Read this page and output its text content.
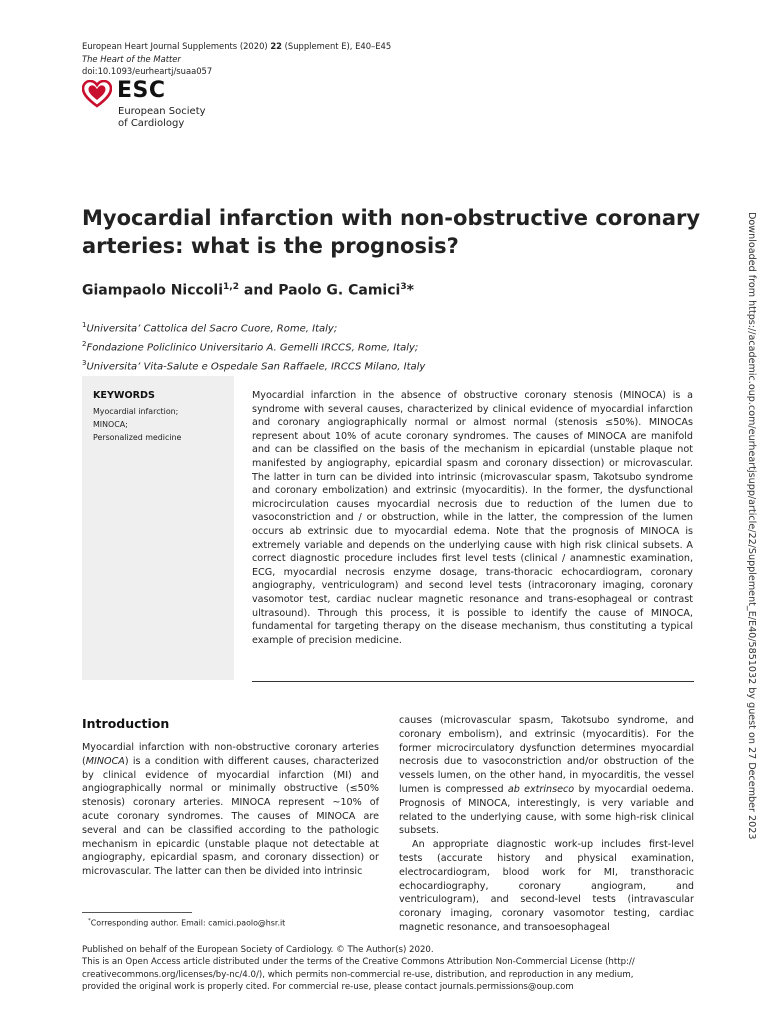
European Heart Journal Supplements (2020) 22 (Supplement E), E40–E45
The Heart of the Matter
doi:10.1093/eurheartj/suaa057
ESC
European Society
of Cardiology
Myocardial infarction with non-obstructive coronary
arteries: what is the prognosis?
Giampaolo Niccoli$^{1,2}$ and Paolo G. Camici$^3$*
$^1$Universita’ Cattolica del Sacro Cuore, Rome, Italy;
$^2$Fondazione Policlinico Universitario A. Gemelli IRCCS, Rome, Italy;
$^3$Universita’ Vita-Salute e Ospedale San Raffaele, IRCCS Milano, Italy
KEYWORDS
Myocardial infarction;
MINOCA;
Personalized medicine

Myocardial infarction in the absence of obstructive coronary stenosis (MINOCA) is a syndrome with several causes, characterized by clinical evidence of myocardial infarction and coronary angiographically normal or almost normal (stenosis ≤50%). MINOCAs represent about 10% of acute coronary syndromes. The causes of MINOCA are manifold and can be classified on the basis of the mechanism in epicardial (unstable plaque not manifested by angiography, epicardial spasm and coronary dissection) or microvascular. The latter in turn can be divided into intrinsic (microvascular spasm, Takotsubo syndrome and coronary embolization) and extrinsic (myocarditis). In the former, the dysfunctional microcirculation causes myocardial necrosis due to reduction of the lumen due to vasoconstriction and / or obstruction, while in the latter, the compression of the lumen occurs ab extrinsic due to myocardial edema. Note that the prognosis of MINOCA is extremely variable and depends on the underlying cause with high risk clinical subsets. A correct diagnostic procedure includes first level tests (clinical / anamnestic examination, ECG, myocardial necrosis enzyme dosage, trans-thoracic echocardiogram, coronary angiography, ventriculogram) and second level tests (intracoronary imaging, coronary vasomotor test, cardiac nuclear magnetic resonance and trans-esophageal or contrast ultrasound). Through this process, it is possible to identify the cause of MINOCA, fundamental for targeting therapy on the disease mechanism, thus constituting a typical example of precision medicine.

Introduction

Myocardial infarction with non-obstructive coronary arteries (MINOCA) is a condition with different causes, characterized by clinical evidence of myocardial infarction (MI) and angiographically normal or minimally obstructive (≤50% stenosis) coronary arteries. MINOCA represent ~10% of acute coronary syndromes. The causes of MINOCA are several and can be classified according to the pathologic mechanism in epicardic (unstable plaque not detectable at angiography, epicardial spasm, and coronary dissection) or microvascular. The latter can then be divided into intrinsic

causes (microvascular spasm, Takotsubo syndrome, and coronary embolism), and extrinsic (myocarditis). For the former microcirculatory dysfunction determines myocardial necrosis due to vasoconstriction and/or obstruction of the vessels lumen, on the other hand, in myocarditis, the vessel lumen is compressed ab extrinseco by myocardial oedema. Prognosis of MINOCA, interestingly, is very variable and related to the underlying cause, with some high-risk clinical subsets.

An appropriate diagnostic work-up includes first-level tests (accurate history and physical examination, electrocardiogram, blood work for MI, transthoracic echocardiography, coronary angiogram, and ventriculogram), and second-level tests (intravascular coronary imaging, coronary vasomotor testing, cardiac magnetic resonance, and transoesophageal

*Corresponding author. Email: camici.paolo@hsr.it

Published on behalf of the European Society of Cardiology. © The Author(s) 2020.

This is an Open Access article distributed under the terms of the Creative Commons Attribution Non-Commercial License (http://

creativecommons.org/licenses/by-nc/4.0/), which permits non-commercial re-use, distribution, and reproduction in any medium,

provided the original work is properly cited. For commercial re-use, please contact journals.permissions@oup.com

Downloaded from https://academic.oup.com/eurheartjsupp/article/22/Supplement_E/E40/5851032 by guest on 27 December 2023
